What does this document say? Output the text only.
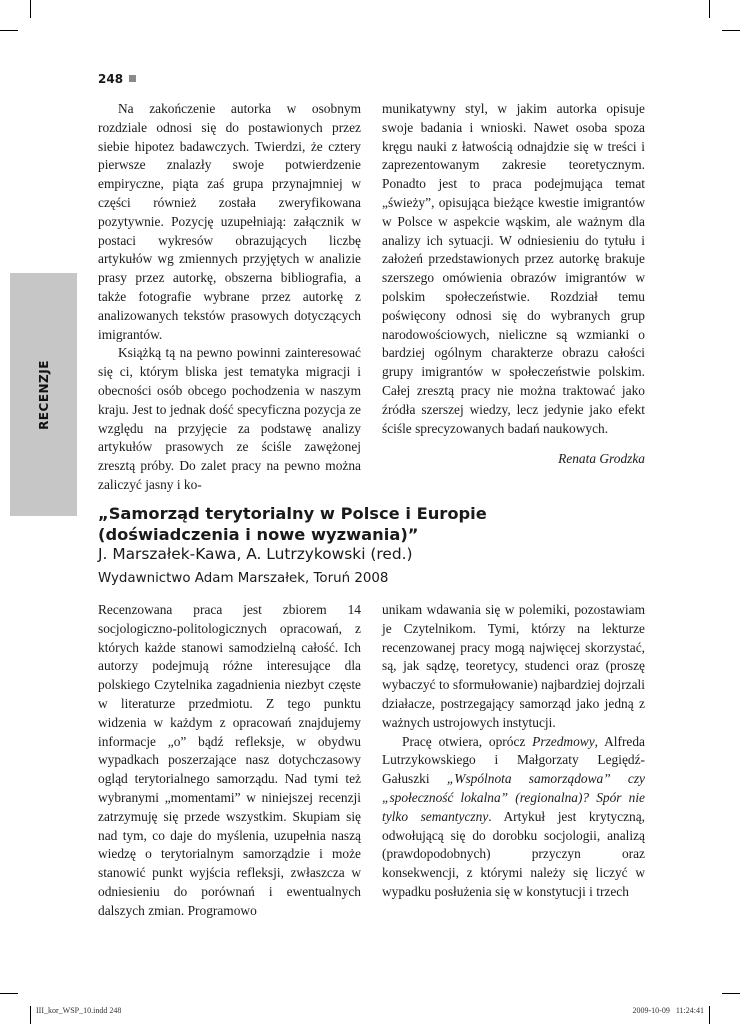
248
RECENZJE

Na zakończenie autorka w osobnym rozdziale odnosi się do postawionych przez siebie hipotez badawczych. Twierdzi, że cztery pierwsze znalazły swoje potwierdzenie empiryczne, piąta zaś grupa przynajmniej w części również została zweryfikowana pozytywnie. Pozycję uzupełniają: załącznik w postaci wykresów obrazujących liczbę artykułów wg zmiennych przyjętych w analizie prasy przez autorkę, obszerna bibliografia, a także fotografie wybrane przez autorkę z analizowanych tekstów prasowych dotyczących imigrantów.

Książką tą na pewno powinni zainteresować się ci, którym bliska jest tematyka migracji i obecności osób obcego pochodzenia w naszym kraju. Jest to jednak dość specyficzna pozycja ze względu na przyjęcie za podstawę analizy artykułów prasowych ze ściśle zawężonej zresztą próby. Do zalet pracy na pewno można zaliczyć jasny i ko-

munikatywny styl, w jakim autorka opisuje swoje badania i wnioski. Nawet osoba spoza kręgu nauki z łatwością odnajdzie się w treści i zaprezentowanym zakresie teoretycznym. Ponadto jest to praca podejmująca temat „świeży”, opisująca bieżące kwestie imigrantów w Polsce w aspekcie wąskim, ale ważnym dla analizy ich sytuacji. W odniesieniu do tytułu i założeń przedstawionych przez autorkę brakuje szerszego omówienia obrazów imigrantów w polskim społeczeństwie. Rozdział temu poświęcony odnosi się do wybranych grup narodowościowych, nieliczne są wzmianki o bardziej ogólnym charakterze obrazu całości grupy imigrantów w społeczeństwie polskim. Całej zresztą pracy nie można traktować jako źródła szerszej wiedzy, lecz jedynie jako efekt ściśle sprecyzowanych badań naukowych.

Renata Grodzka
„Samorząd terytorialny w Polsce i Europie
(doświadczenia i nowe wyzwania)”
J. Marszałek-Kawa, A. Lutrzykowski (red.)
Wydawnictwo Adam Marszałek, Toruń 2008

Recenzowana praca jest zbiorem 14 socjologiczno-politologicznych opracowań, z których każde stanowi samodzielną całość. Ich autorzy podejmują różne interesujące dla polskiego Czytelnika zagadnienia niezbyt częste w literaturze przedmiotu. Z tego punktu widzenia w każdym z opracowań znajdujemy informacje „o” bądź refleksje, w obydwu wypadkach poszerzające nasz dotychczasowy ogląd terytorialnego samorządu. Nad tymi też wybranymi „momentami” w niniejszej recenzji zatrzymuję się przede wszystkim. Skupiam się nad tym, co daje do myślenia, uzupełnia naszą wiedzę o terytorialnym samorządzie i może stanowić punkt wyjścia refleksji, zwłaszcza w odniesieniu do porównań i ewentualnych dalszych zmian. Programowo

unikam wdawania się w polemiki, pozostawiam je Czytelnikom. Tymi, którzy na lekturze recenzowanej pracy mogą najwięcej skorzystać, są, jak sądzę, teoretycy, studenci oraz (proszę wybaczyć to sformułowanie) najbardziej dojrzali działacze, postrzegający samorząd jako jedną z ważnych ustrojowych instytucji.

Pracę otwiera, oprócz Przedmowy, Alfreda Lutrzykowskiego i Małgorzaty Legiędź-Gałuszki „Wspólnota samorządowa” czy „społeczność lokalna” (regionalna)? Spór nie tylko semantyczny. Artykuł jest krytyczną, odwołującą się do dorobku socjologii, analizą (prawdopodobnych) przyczyn oraz konsekwencji, z którymi należy się liczyć w wypadku posłużenia się w konstytucji i trzech

III_kor_WSP_10.indd 248	2009-10-09   11:24:41
